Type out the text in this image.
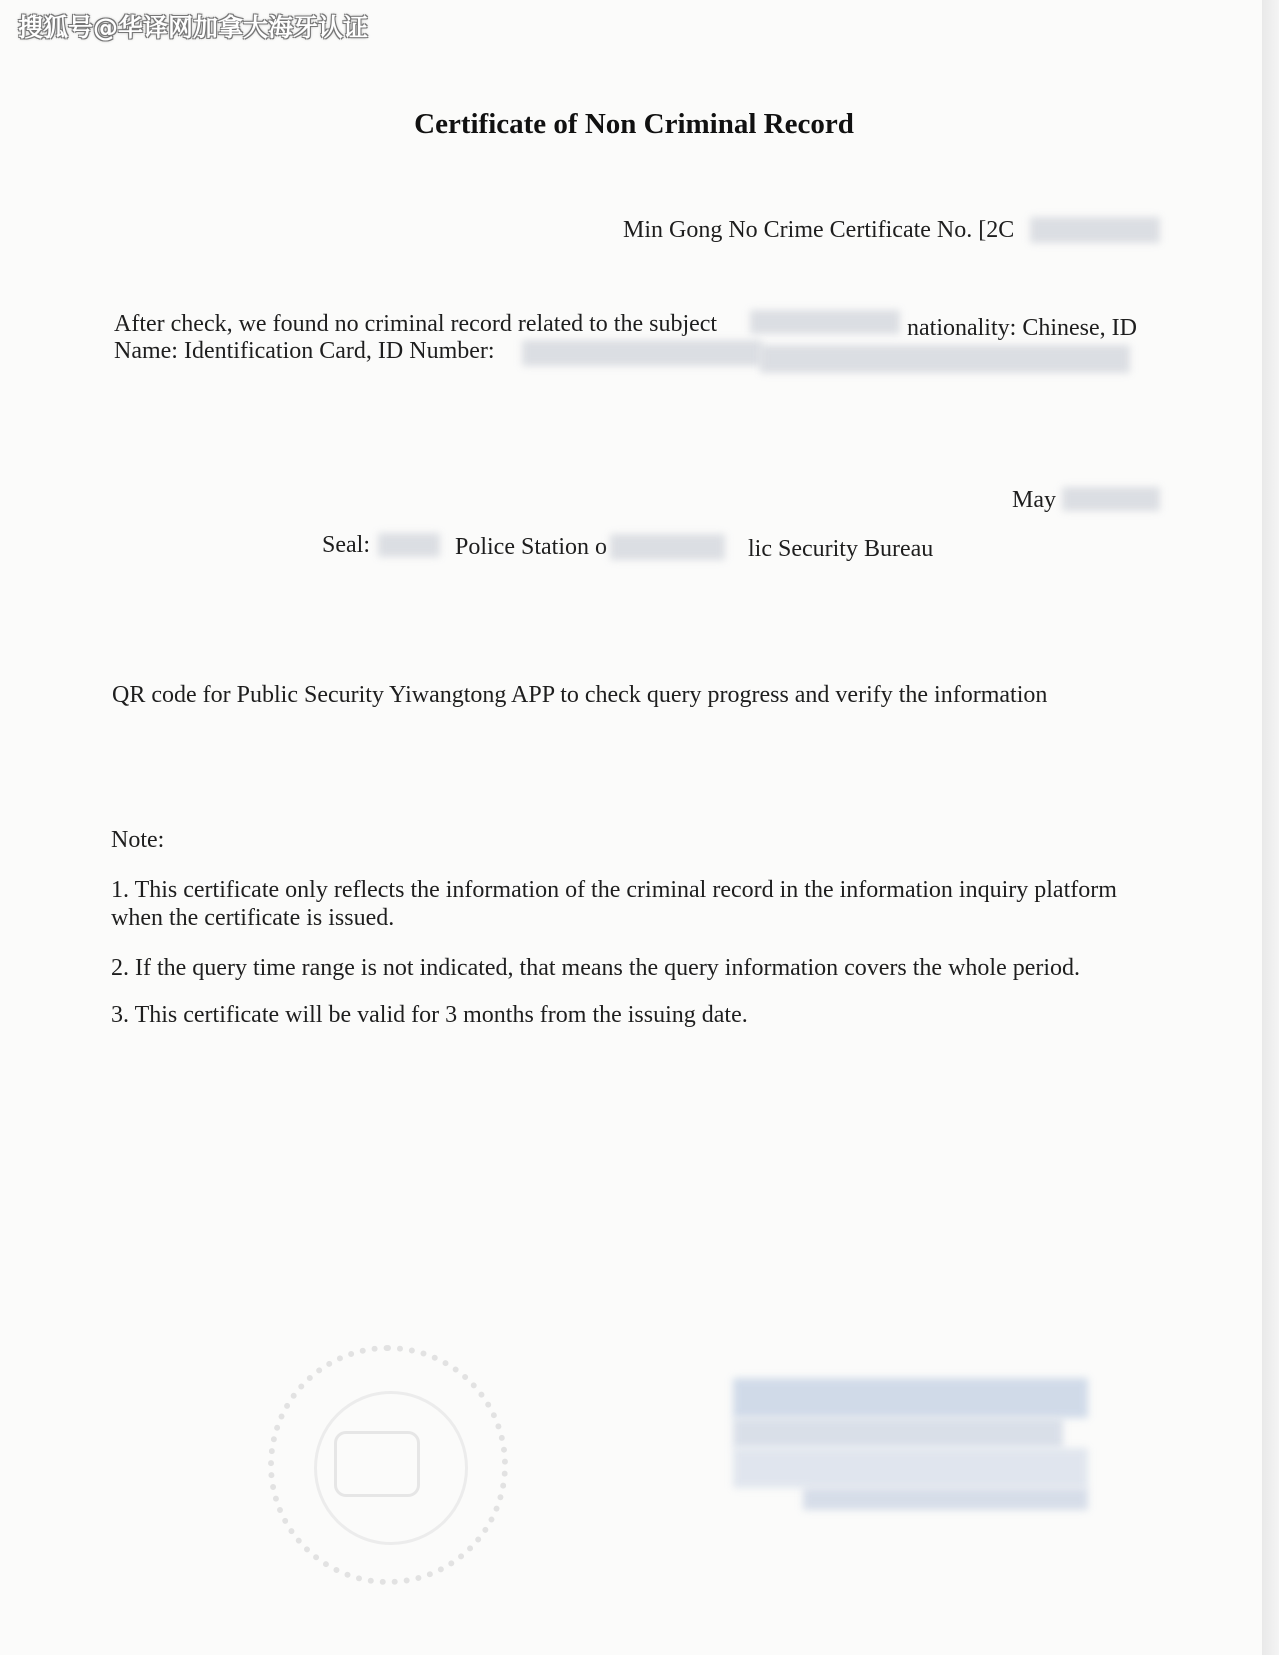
Certificate of Non Criminal Record
Min Gong No Crime Certificate No. [2C
After check, we found no criminal record related to the subject	nationality: Chinese, ID
Name: Identification Card, ID Number:
May
Seal:	Police Station o	lic Security Bureau
QR code for Public Security Yiwangtong APP to check query progress and verify the information
Note:
1. This certificate only reflects the information of the criminal record in the information inquiry platform when the certificate is issued.
2. If the query time range is not indicated, that means the query information covers the whole period.
3. This certificate will be valid for 3 months from the issuing date.
搜狐号@华译网加拿大海牙认证
